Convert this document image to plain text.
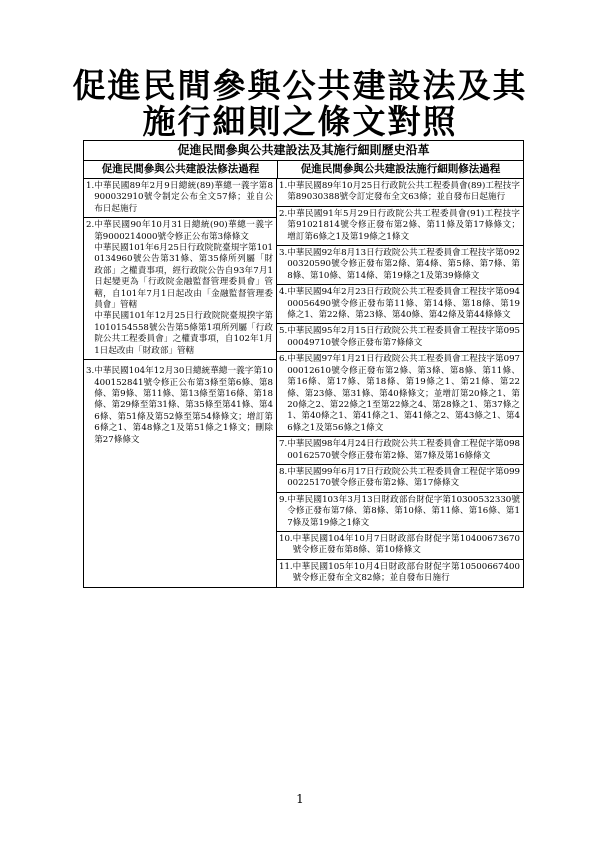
促進民間參與公共建設法及其
施行細則之條文對照
促進民間參與公共建設法及其施行細則歷史沿革
促進民間參與公共建設法修法過程	促進民間參與公共建設法施行細則修法過程
1. 中華民國89年2月9日總統(89)華總一義字第8900032910號令制定公布全文57條；並自公布日起施行
2. 中華民國90年10月31日總統(90)華總一義字第9000214000號令修正公布第3條條文
中華民國101年6月25日行政院院臺規字第1010134960號公告第31條、第35條所列屬「財政部」之權責事項，經行政院公告自93年7月1日起變更為「行政院金融監督管理委員會」管轄，自101年7月1日起改由「金融監督管理委員會」管轄
中華民國101年12月25日行政院院臺規揆字第1010154558號公告第5條第1項所列屬「行政院公共工程委員會」之權責事項，自102年1月1日起改由「財政部」管轄
3. 中華民國104年12月30日總統華總一義字第10400152841號令修正公布第3條至第6條、第8條、第9條、第11條、第13條至第16條、第18條、第29條至第31條、第35條至第41條、第46條、第51條及第52條至第54條條文；增訂第6條之1、第48條之1及第51條之1條文；刪除第27條條文
1. 中華民國89年10月25日行政院公共工程委員會(89)工程技字第89030388號令訂定發布全文63條；並自發布日起施行
2. 中華民國91年5月29日行政院公共工程委員會(91)工程技字第91021814號令修正發布第2條、第11條及第17條條文；增訂第6條之1及第19條之1條文
3. 中華民國92年8月13日行政院公共工程委員會工程技字第09200320590號令修正發布第2條、第4條、第5條、第7條、第8條、第10條、第14條、第19條之1及第39條條文
4. 中華民國94年2月23日行政院公共工程委員會工程技字第09400056490號令修正發布第11條、第14條、第18條、第19條之1、第22條、第23條、第40條、第42條及第44條條文
5. 中華民國95年2月15日行政院公共工程委員會工程技字第09500049710號令修正發布第7條條文
6. 中華民國97年1月21日行政院公共工程委員會工程技字第09700012610號令修正發布第2條、第3條、第8條、第11條、第16條、第17條、第18條、第19條之1、第21條、第22條、第23條、第31條、第40條條文；並增訂第20條之1、第20條之2、第22條之1至第22條之4、第28條之1、第37條之1、第40條之1、第41條之1、第41條之2、第43條之1、第46條之1及第56條之1條文
7. 中華民國98年4月24日行政院公共工程委員會工程促字第09800162570號令修正發布第2條、第7條及第16條條文
8. 中華民國99年6月17日行政院公共工程委員會工程促字第09900225170號令修正發布第2條、第17條條文
9. 中華民國103年3月13日財政部台財促字第10300532330號令修正發布第7條、第8條、第10條、第11條、第16條、第17條及第19條之1條文
10. 中華民國104年10月7日財政部台財促字第10400673670號令修正發布第8條、第10條條文
11. 中華民國105年10月4日財政部台財促字第10500667400號令修正發布全文82條；並自發布日施行
1
